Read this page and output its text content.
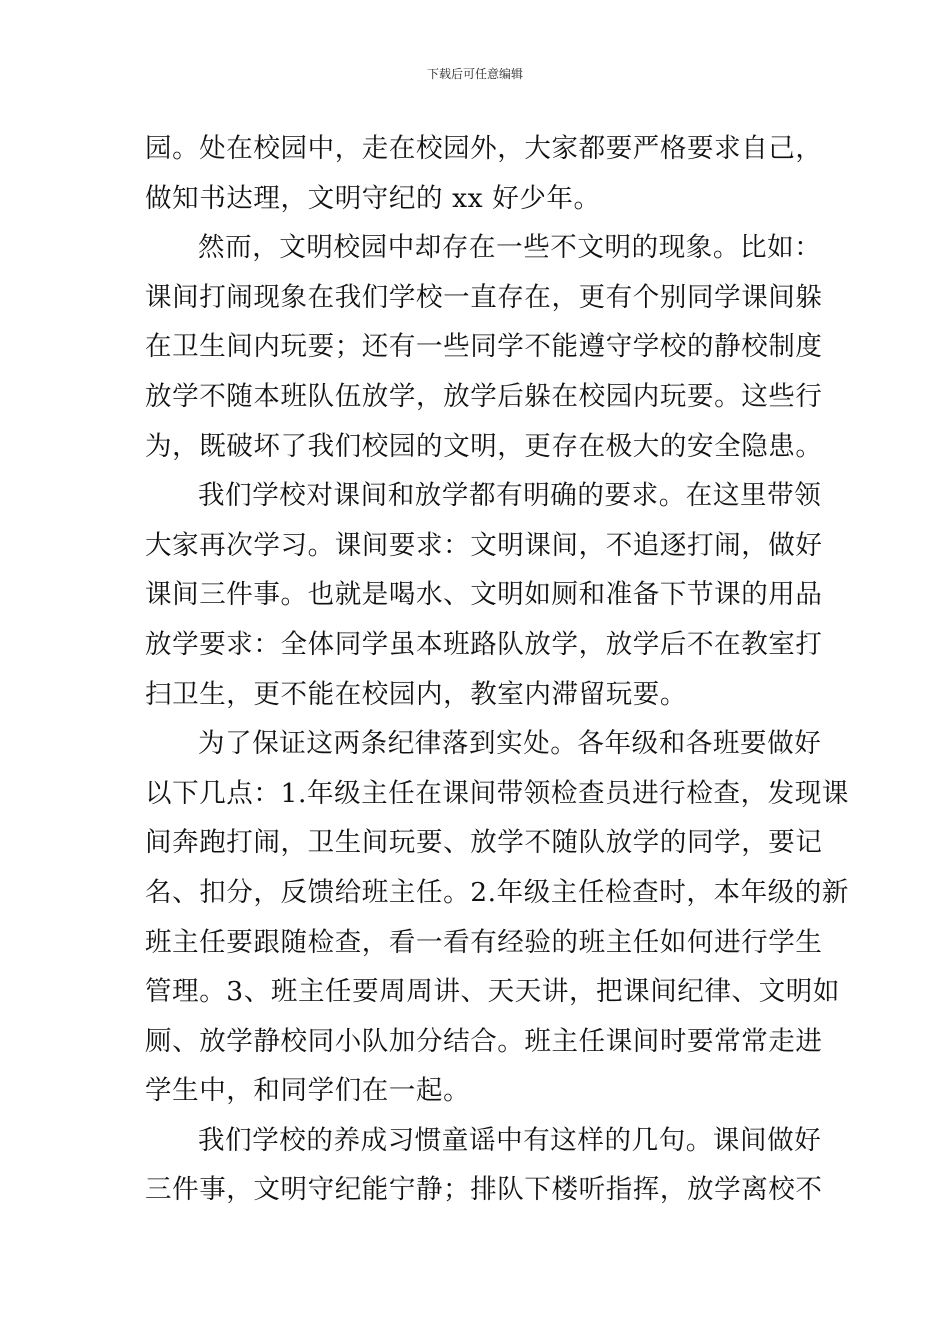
下载后可任意编辑
园。处在校园中，走在校园外，大家都要严格要求自己，
做知书达理，文明守纪的 xx 好少年。
然而，文明校园中却存在一些不文明的现象。比如：
课间打闹现象在我们学校一直存在，更有个别同学课间躲
在卫生间内玩要；还有一些同学不能遵守学校的静校制度
放学不随本班队伍放学，放学后躲在校园内玩要。这些行
为，既破坏了我们校园的文明，更存在极大的安全隐患。
我们学校对课间和放学都有明确的要求。在这里带领
大家再次学习。课间要求：文明课间，不追逐打闹，做好
课间三件事。也就是喝水、文明如厕和准备下节课的用品
放学要求：全体同学虽本班路队放学，放学后不在教室打
扫卫生，更不能在校园内，教室内滞留玩要。
为了保证这两条纪律落到实处。各年级和各班要做好
以下几点：1.年级主任在课间带领检查员进行检查，发现课
间奔跑打闹，卫生间玩要、放学不随队放学的同学，要记
名、扣分，反馈给班主任。2.年级主任检查时，本年级的新
班主任要跟随检查，看一看有经验的班主任如何进行学生
管理。3、班主任要周周讲、天天讲，把课间纪律、文明如
厕、放学静校同小队加分结合。班主任课间时要常常走进
学生中，和同学们在一起。
我们学校的养成习惯童谣中有这样的几句。课间做好
三件事，文明守纪能宁静；排队下楼听指挥，放学离校不
